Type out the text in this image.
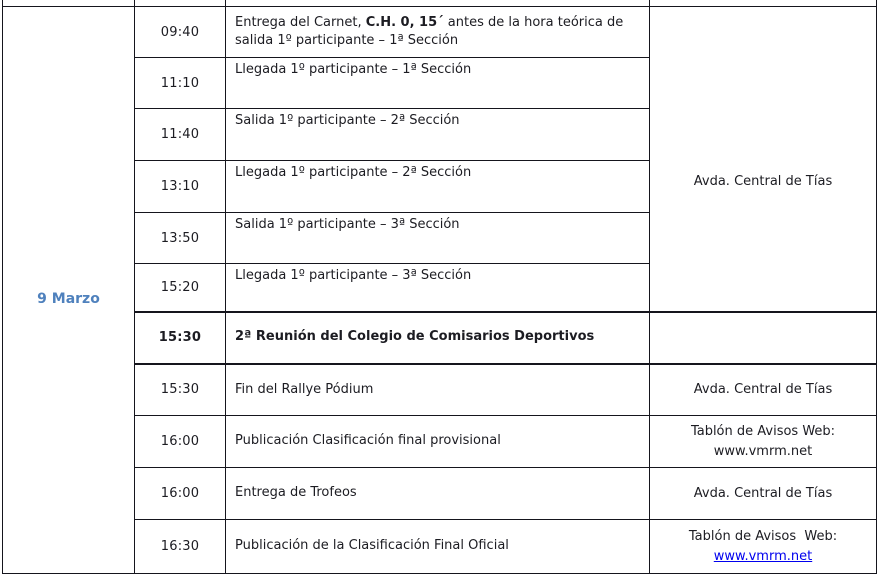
9 Marzo	09:40	Entrega del Carnet, C.H. 0, 15´ antes de la hora teórica de salida 1º participante – 1ª Sección	Avda. Central de Tías
	11:10	Llegada 1º participante – 1ª Sección	
	11:40	Salida 1º participante – 2ª Sección	
	13:10	Llegada 1º participante – 2ª Sección	
	13:50	Salida 1º participante – 3ª Sección	
	15:20	Llegada 1º participante – 3ª Sección	
	15:30	2ª Reunión del Colegio de Comisarios Deportivos	
	15:30	Fin del Rallye Pódium	Avda. Central de Tías
	16:00	Publicación Clasificación final provisional	Tablón de Avisos Web:
www.vmrm.net
	16:00	Entrega de Trofeos	Avda. Central de Tías
	16:30	Publicación de la Clasificación Final Oficial	Tablón de Avisos  Web:
www.vmrm.net
